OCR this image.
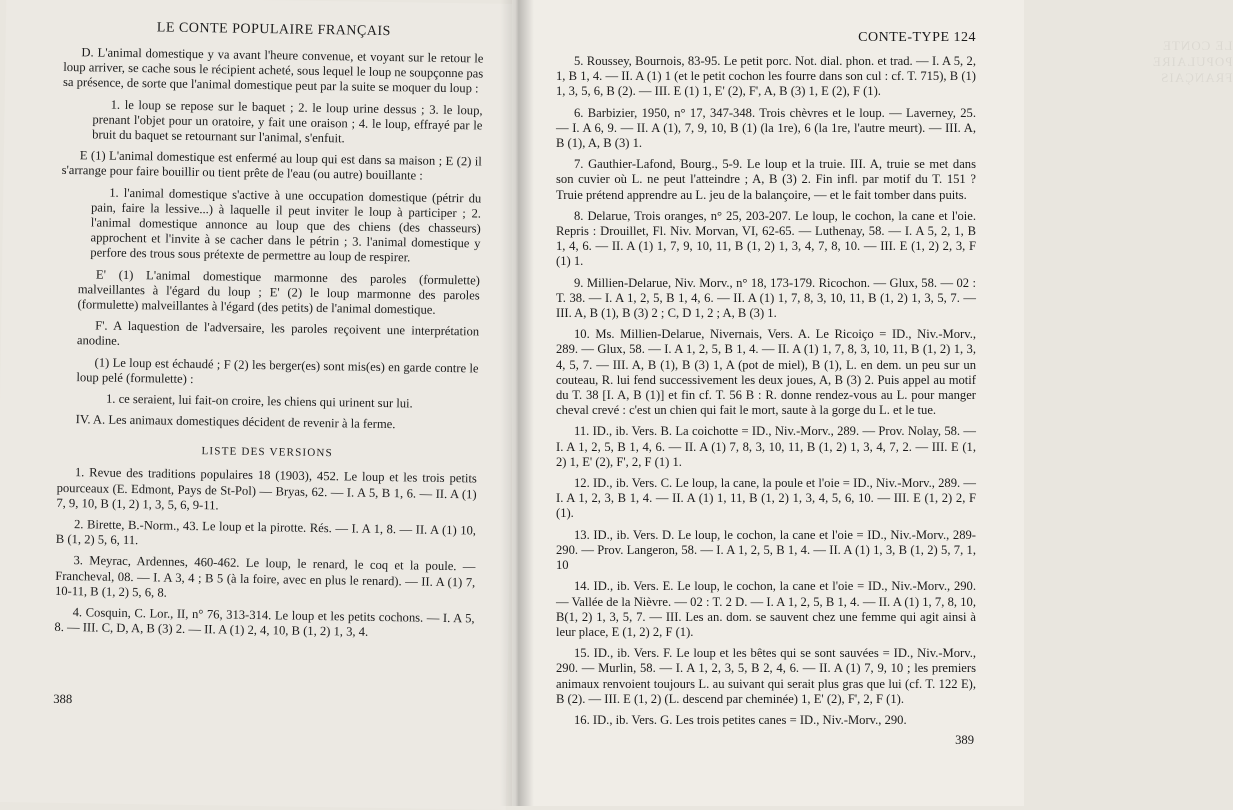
LE CONTE POPULAIRE FRANÇAIS

D. L'animal domestique y va avant l'heure convenue, et voyant sur le retour le loup arriver, se cache sous le récipient acheté, sous lequel le loup ne soupçonne pas sa présence, de sorte que l'animal domestique peut par la suite se moquer du loup :

1. le loup se repose sur le baquet ; 2. le loup urine dessus ; 3. le loup, prenant l'objet pour un oratoire, y fait une oraison ; 4. le loup, effrayé par le bruit du baquet se retournant sur l'animal, s'enfuit.

E (1) L'animal domestique est enfermé au loup qui est dans sa maison ; E (2) il s'arrange pour faire bouillir ou tient prête de l'eau (ou autre) bouillante :

1. l'animal domestique s'active à une occupation domestique (pétrir du pain, faire la lessive...) à laquelle il peut inviter le loup à participer ; 2. l'animal domestique annonce au loup que des chiens (des chasseurs) approchent et l'invite à se cacher dans le pétrin ; 3. l'animal domestique y perfore des trous sous prétexte de permettre au loup de respirer.

E' (1) L'animal domestique marmonne des paroles (formulette) malveillantes à l'égard du loup ; E' (2) le loup marmonne des paroles (formulette) malveillantes à l'égard (des petits) de l'animal domestique.

F'. A laquestion de l'adversaire, les paroles reçoivent une interprétation anodine.

(1) Le loup est échaudé ; F (2) les berger(es) sont mis(es) en garde contre le loup pelé (formulette) :

1. ce seraient, lui fait-on croire, les chiens qui urinent sur lui.

IV. A. Les animaux domestiques décident de revenir à la ferme.

LISTE DES VERSIONS

1. Revue des traditions populaires 18 (1903), 452. Le loup et les trois petits pourceaux (E. Edmont, Pays de St-Pol) — Bryas, 62. — I. A 5, B 1, 6. — II. A (1) 7, 9, 10, B (1, 2) 1, 3, 5, 6, 9-11.

2. Birette, B.-Norm., 43. Le loup et la pirotte. Rés. — I. A 1, 8. — II. A (1) 10, B (1, 2) 5, 6, 11.

3. Meyrac, Ardennes, 460-462. Le loup, le renard, le coq et la poule. — Francheval, 08. — I. A 3, 4 ; B 5 (à la foire, avec en plus le renard). — II. A (1) 7, 10-11, B (1, 2) 5, 6, 8.

4. Cosquin, C. Lor., II, n° 76, 313-314. Le loup et les petits cochons. — I. A 5, 8. — III. C, D, A, B (3) 2. — II. A (1) 2, 4, 10, B (1, 2) 1, 3, 4.

388
LE CONTE POPULAIRE FRANÇAIS
CONTE-TYPE 124

5. Roussey, Bournois, 83-95. Le petit porc. Not. dial. phon. et trad. — I. A 5, 2, 1, B 1, 4. — II. A (1) 1 (et le petit cochon les fourre dans son cul : cf. T. 715), B (1) 1, 3, 5, 6, B (2). — III. E (1) 1, E' (2), F', A, B (3) 1, E (2), F (1).

6. Barbizier, 1950, n° 17, 347-348. Trois chèvres et le loup. — Laverney, 25. — I. A 6, 9. — II. A (1), 7, 9, 10, B (1) (la 1re), 6 (la 1re, l'autre meurt). — III. A, B (1), A, B (3) 1.

7. Gauthier-Lafond, Bourg., 5-9. Le loup et la truie. III. A, truie se met dans son cuvier où L. ne peut l'atteindre ; A, B (3) 2. Fin infl. par motif du T. 151 ? Truie prétend apprendre au L. jeu de la balançoire, — et le fait tomber dans puits.

8. Delarue, Trois oranges, n° 25, 203-207. Le loup, le cochon, la cane et l'oie. Repris : Drouillet, Fl. Niv. Morvan, VI, 62-65. — Luthenay, 58. — I. A 5, 2, 1, B 1, 4, 6. — II. A (1) 1, 7, 9, 10, 11, B (1, 2) 1, 3, 4, 7, 8, 10. — III. E (1, 2) 2, 3, F (1) 1.

9. Millien-Delarue, Niv. Morv., n° 18, 173-179. Ricochon. — Glux, 58. — 02 : T. 38. — I. A 1, 2, 5, B 1, 4, 6. — II. A (1) 1, 7, 8, 3, 10, 11, B (1, 2) 1, 3, 5, 7. — III. A, B (1), B (3) 2 ; C, D 1, 2 ; A, B (3) 1.

10. Ms. Millien-Delarue, Nivernais, Vers. A. Le Ricoiço = ID., Niv.-Morv., 289. — Glux, 58. — I. A 1, 2, 5, B 1, 4. — II. A (1) 1, 7, 8, 3, 10, 11, B (1, 2) 1, 3, 4, 5, 7. — III. A, B (1), B (3) 1, A (pot de miel), B (1), L. en dem. un peu sur un couteau, R. lui fend successivement les deux joues, A, B (3) 2. Puis appel au motif du T. 38 [I. A, B (1)] et fin cf. T. 56 B : R. donne rendez-vous au L. pour manger cheval crevé : c'est un chien qui fait le mort, saute à la gorge du L. et le tue.

11. ID., ib. Vers. B. La coichotte = ID., Niv.-Morv., 289. — Prov. Nolay, 58. — I. A 1, 2, 5, B 1, 4, 6. — II. A (1) 7, 8, 3, 10, 11, B (1, 2) 1, 3, 4, 7, 2. — III. E (1, 2) 1, E' (2), F', 2, F (1) 1.

12. ID., ib. Vers. C. Le loup, la cane, la poule et l'oie = ID., Niv.-Morv., 289. — I. A 1, 2, 3, B 1, 4. — II. A (1) 1, 11, B (1, 2) 1, 3, 4, 5, 6, 10. — III. E (1, 2) 2, F (1).

13. ID., ib. Vers. D. Le loup, le cochon, la cane et l'oie = ID., Niv.-Morv., 289-290. — Prov. Langeron, 58. — I. A 1, 2, 5, B 1, 4. — II. A (1) 1, 3, B (1, 2) 5, 7, 1, 10

14. ID., ib. Vers. E. Le loup, le cochon, la cane et l'oie = ID., Niv.-Morv., 290. — Vallée de la Nièvre. — 02 : T. 2 D. — I. A 1, 2, 5, B 1, 4. — II. A (1) 1, 7, 8, 10, B(1, 2) 1, 3, 5, 7. — III. Les an. dom. se sauvent chez une femme qui agit ainsi à leur place, E (1, 2) 2, F (1).

15. ID., ib. Vers. F. Le loup et les bêtes qui se sont sauvées = ID., Niv.-Morv., 290. — Murlin, 58. — I. A 1, 2, 3, 5, B 2, 4, 6. — II. A (1) 7, 9, 10 ; les premiers animaux renvoient toujours L. au suivant qui serait plus gras que lui (cf. T. 122 E), B (2). — III. E (1, 2) (L. descend par cheminée) 1, E' (2), F', 2, F (1).

16. ID., ib. Vers. G. Les trois petites canes = ID., Niv.-Morv., 290.

389
